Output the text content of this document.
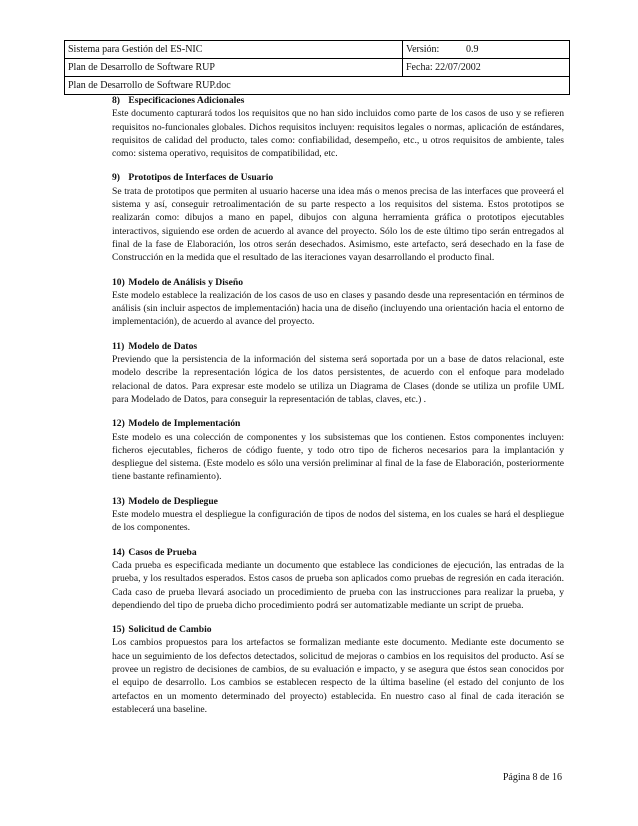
Sistema para Gestión del ES-NIC	Versión: 0.9
Plan de Desarrollo de Software RUP	Fecha: 22/07/2002
Plan de Desarrollo de Software RUP.doc	
8) Especificaciones Adicionales

Este documento capturará todos los requisitos que no han sido incluidos como parte de los casos de uso y se refieren requisitos no-funcionales globales. Dichos requisitos incluyen: requisitos legales o normas, aplicación de estándares, requisitos de calidad del producto, tales como: confiabilidad, desempeño, etc., u otros requisitos de ambiente, tales como: sistema operativo, requisitos de compatibilidad, etc.

9) Prototipos de Interfaces de Usuario

Se trata de prototipos que permiten al usuario hacerse una idea más o menos precisa de las interfaces que proveerá el sistema y así, conseguir retroalimentación de su parte respecto a los requisitos del sistema. Estos prototipos se realizarán como: dibujos a mano en papel, dibujos con alguna herramienta gráfica o prototipos ejecutables interactivos, siguiendo ese orden de acuerdo al avance del proyecto. Sólo los de este último tipo serán entregados al final de la fase de Elaboración, los otros serán desechados. Asimismo, este artefacto, será desechado en la fase de Construcción en la medida que el resultado de las iteraciones vayan desarrollando el producto final.

10) Modelo de Análisis y Diseño

Este modelo establece la realización de los casos de uso en clases y pasando desde una representación en términos de análisis (sin incluir aspectos de implementación) hacia una de diseño (incluyendo una orientación hacia el entorno de implementación), de acuerdo al avance del proyecto.

11) Modelo de Datos

Previendo que la persistencia de la información del sistema será soportada por un a base de datos relacional, este modelo describe la representación lógica de los datos persistentes, de acuerdo con el enfoque para modelado relacional de datos. Para expresar este modelo se utiliza un Diagrama de Clases (donde se utiliza un profile UML para Modelado de Datos, para conseguir la representación de tablas, claves, etc.) .

12) Modelo de Implementación

Este modelo es una colección de componentes y los subsistemas que los contienen. Estos componentes incluyen: ficheros ejecutables, ficheros de código fuente, y todo otro tipo de ficheros necesarios para la implantación y despliegue del sistema. (Este modelo es sólo una versión preliminar al final de la fase de Elaboración, posteriormente tiene bastante refinamiento).

13) Modelo de Despliegue

Este modelo muestra el despliegue la configuración de tipos de nodos del sistema, en los cuales se hará el despliegue de los componentes.

14) Casos de Prueba

Cada prueba es especificada mediante un documento que establece las condiciones de ejecución, las entradas de la prueba, y los resultados esperados. Estos casos de prueba son aplicados como pruebas de regresión en cada iteración. Cada caso de prueba llevará asociado un procedimiento de prueba con las instrucciones para realizar la prueba, y dependiendo del tipo de prueba dicho procedimiento podrá ser automatizable mediante un script de prueba.

15) Solicitud de Cambio

Los cambios propuestos para los artefactos se formalizan mediante este documento. Mediante este documento se hace un seguimiento de los defectos detectados, solicitud de mejoras o cambios en los requisitos del producto. Así se provee un registro de decisiones de cambios, de su evaluación e impacto, y se asegura que éstos sean conocidos por el equipo de desarrollo. Los cambios se establecen respecto de la última baseline (el estado del conjunto de los artefactos en un momento determinado del proyecto) establecida. En nuestro caso al final de cada iteración se establecerá una baseline.

Página 8 de 16
